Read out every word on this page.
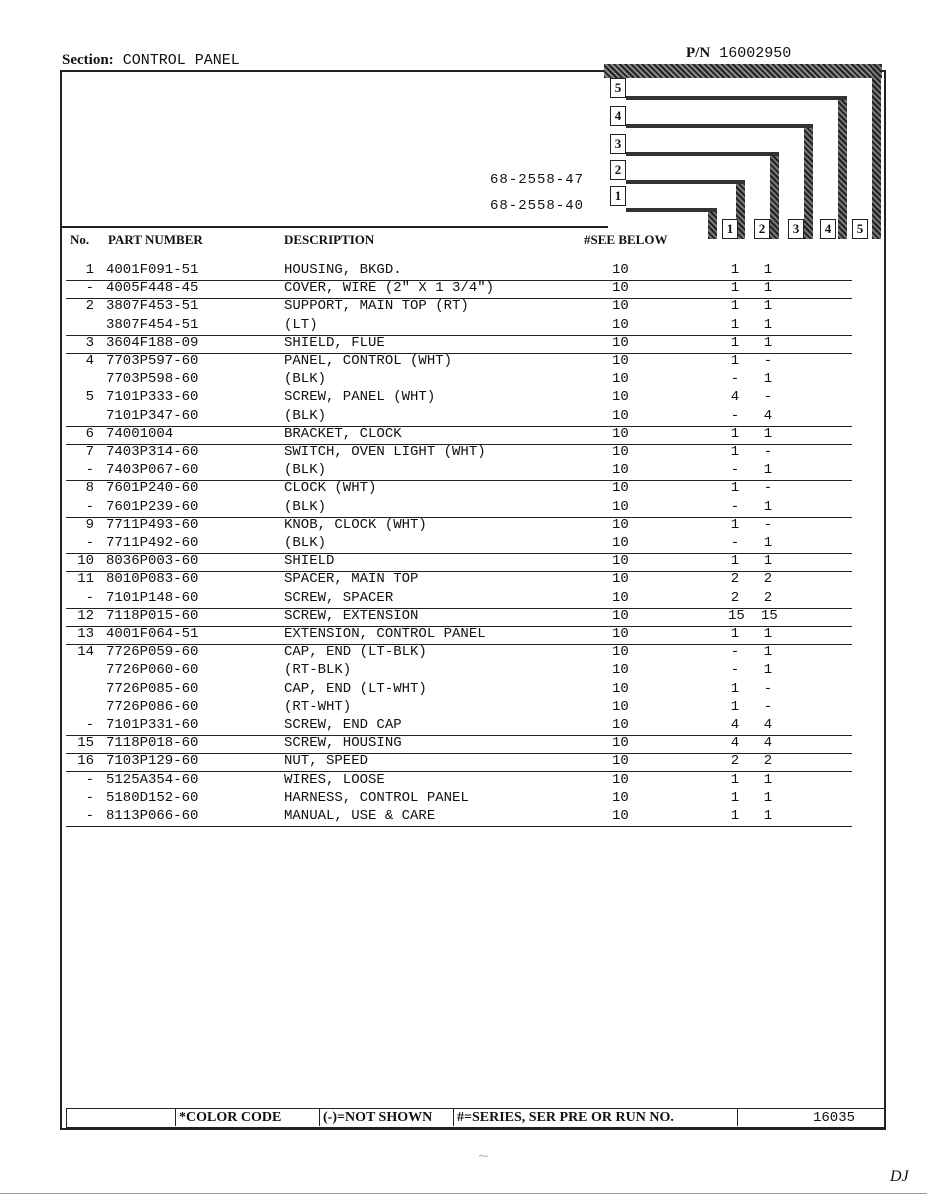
Section: CONTROL PANEL	P/N 16002950
5
4
3
2
1
68-2558-47
68-2558-40
No. PART NUMBER	DESCRIPTION	#SEE BELOW
1	2	3	4	5
1 4001F091-51	HOUSING, BKGD.	10	1 1
- 4005F448-45	COVER, WIRE (2" X 1 3/4")	10	1 1
2 3807F453-51	SUPPORT, MAIN TOP (RT)	10	1 1
3807F454-51	(LT)	10	1 1
3 3604F188-09	SHIELD, FLUE	10	1 1
4 7703P597-60	PANEL, CONTROL (WHT)	10	1 -
7703P598-60	(BLK)	10	- 1
5 7101P333-60	SCREW, PANEL (WHT)	10	4 -
7101P347-60	(BLK)	10	- 4
6 74001004	BRACKET, CLOCK	10	1 1
7 7403P314-60	SWITCH, OVEN LIGHT (WHT)	10	1 -
- 7403P067-60	(BLK)	10	- 1
8 7601P240-60	CLOCK (WHT)	10	1 -
- 7601P239-60	(BLK)	10	- 1
9 7711P493-60	KNOB, CLOCK (WHT)	10	1 -
- 7711P492-60	(BLK)	10	- 1
10 8036P003-60	SHIELD	10	1 1
11 8010P083-60	SPACER, MAIN TOP	10	2 2
- 7101P148-60	SCREW, SPACER	10	2 2
12 7118P015-60	SCREW, EXTENSION	10	15 15
13 4001F064-51	EXTENSION, CONTROL PANEL	10	1 1
14 7726P059-60	CAP, END (LT-BLK)	10	- 1
7726P060-60	(RT-BLK)	10	- 1
7726P085-60	CAP, END (LT-WHT)	10	1 -
7726P086-60	(RT-WHT)	10	1 -
- 7101P331-60	SCREW, END CAP	10	4 4
15 7118P018-60	SCREW, HOUSING	10	4 4
16 7103P129-60	NUT, SPEED	10	2 2
- 5125A354-60	WIRES, LOOSE	10	1 1
- 5180D152-60	HARNESS, CONTROL PANEL	10	1 1
- 8113P066-60	MANUAL, USE & CARE	10	1 1
*COLOR CODE	(-)=NOT SHOWN #=SERIES, SER PRE OR RUN NO.	16035
~
DJ
